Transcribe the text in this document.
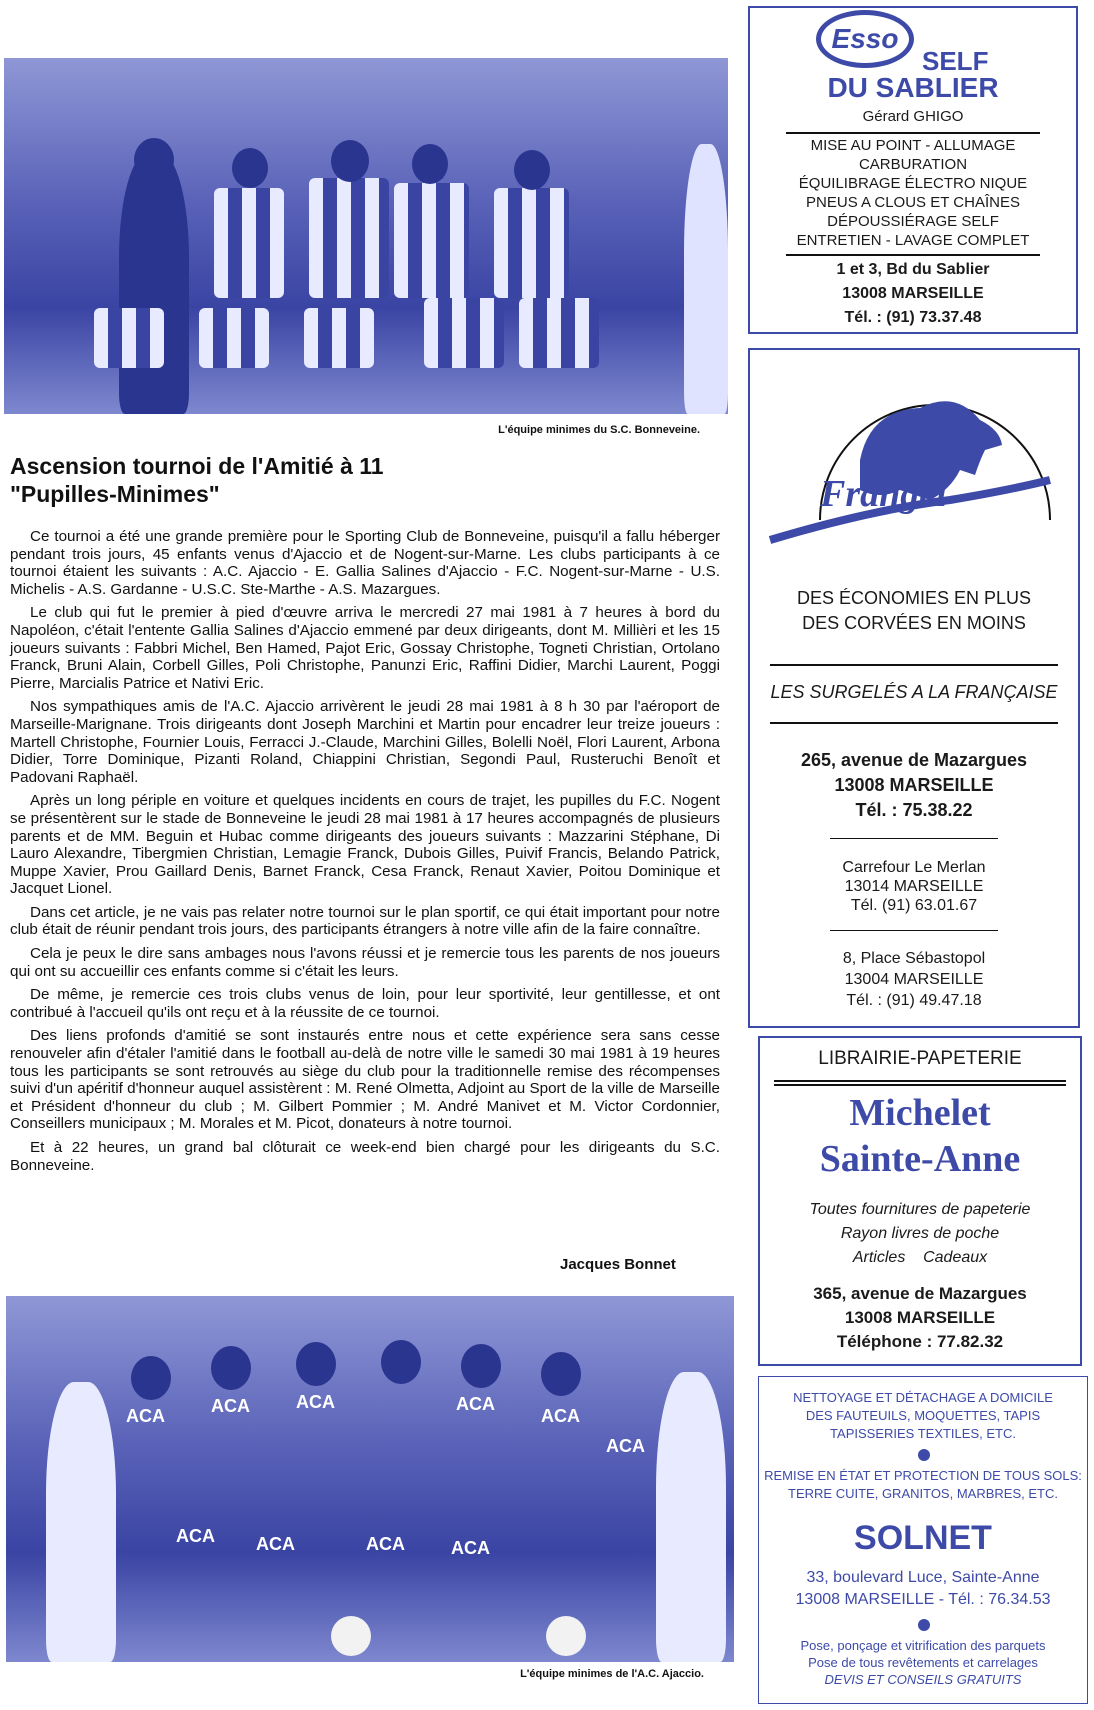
L'équipe minimes du S.C. Bonneveine.
Ascension tournoi de l'Amitié à 11
"Pupilles-Minimes"

Ce tournoi a été une grande première pour le Sporting Club de Bonneveine, puisqu'il a fallu héberger pendant trois jours, 45 enfants venus d'Ajaccio et de Nogent-sur-Marne. Les clubs participants à ce tournoi étaient les suivants : A.C. Ajaccio - E. Gallia Salines d'Ajaccio - F.C. Nogent-sur-Marne - U.S. Michelis - A.S. Gardanne - U.S.C. Ste-Marthe - A.S. Mazargues.

Le club qui fut le premier à pied d'œuvre arriva le mercredi 27 mai 1981 à 7 heures à bord du Napoléon, c'était l'entente Gallia Salines d'Ajaccio emmené par deux dirigeants, dont M. Millièri et les 15 joueurs suivants : Fabbri Michel, Ben Hamed, Pajot Eric, Gossay Christophe, Togneti Christian, Ortolano Franck, Bruni Alain, Corbell Gilles, Poli Christophe, Panunzi Eric, Raffini Didier, Marchi Laurent, Poggi Pierre, Marcialis Patrice et Nativi Eric.

Nos sympathiques amis de l'A.C. Ajaccio arrivèrent le jeudi 28 mai 1981 à 8 h 30 par l'aéroport de Marseille-Marignane. Trois dirigeants dont Joseph Marchini et Martin pour encadrer leur treize joueurs : Martell Christophe, Fournier Louis, Ferracci J.-Claude, Marchini Gilles, Bolelli Noël, Flori Laurent, Arbona Didier, Torre Dominique, Pizanti Roland, Chiappini Christian, Segondi Paul, Rusteruchi Benoît et Padovani Raphaël.

Après un long périple en voiture et quelques incidents en cours de trajet, les pupilles du F.C. Nogent se présentèrent sur le stade de Bonneveine le jeudi 28 mai 1981 à 17 heures accompagnés de plusieurs parents et de MM. Beguin et Hubac comme dirigeants des joueurs suivants : Mazzarini Stéphane, Di Lauro Alexandre, Tibergmien Christian, Lemagie Franck, Dubois Gilles, Puivif Francis, Belando Patrick, Muppe Xavier, Prou Gaillard Denis, Barnet Franck, Cesa Franck, Renaut Xavier, Poitou Dominique et Jacquet Lionel.

Dans cet article, je ne vais pas relater notre tournoi sur le plan sportif, ce qui était important pour notre club était de réunir pendant trois jours, des participants étrangers à notre ville afin de la faire connaître.

Cela je peux le dire sans ambages nous l'avons réussi et je remercie tous les parents de nos joueurs qui ont su accueillir ces enfants comme si c'était les leurs.

De même, je remercie ces trois clubs venus de loin, pour leur sportivité, leur gentillesse, et ont contribué à l'accueil qu'ils ont reçu et à la réussite de ce tournoi.

Des liens profonds d'amitié se sont instaurés entre nous et cette expérience sera sans cesse renouveler afin d'étaler l'amitié dans le football au-delà de notre ville le samedi 30 mai 1981 à 19 heures tous les participants se sont retrouvés au siège du club pour la traditionnelle remise des récompenses suivi d'un apéritif d'honneur auquel assistèrent : M. René Olmetta, Adjoint au Sport de la ville de Marseille et Président d'honneur du club ; M. Gilbert Pommier ; M. André Manivet et M. Victor Cordonnier, Conseillers municipaux ; M. Morales et M. Picot, donateurs à notre tournoi.

Et à 22 heures, un grand bal clôturait ce week-end bien chargé pour les dirigeants du S.C. Bonneveine.

Jacques Bonnet
ACA	ACA	ACA	ACA
ACA
ACA
ACA ACA	ACA	ACA
L'équipe minimes de l'A.C. Ajaccio.
Esso
SELF
DU SABLIER
Gérard GHIGO
MISE AU POINT - ALLUMAGE
CARBURATION
ÉQUILIBRAGE ÉLECTRO NIQUE
PNEUS A CLOUS ET CHAÎNES
DÉPOUSSIÉRAGE SELF
ENTRETIEN - LAVAGE COMPLET
1 et 3, Bd du Sablier
13008 MARSEILLE
Tél. : (91) 73.37.48
Frangel
DES ÉCONOMIES EN PLUS
DES CORVÉES EN MOINS
LES SURGELÉS A LA FRANÇAISE
265, avenue de Mazargues
13008 MARSEILLE
Tél. : 75.38.22
Carrefour Le Merlan
13014 MARSEILLE
Tél. (91) 63.01.67
8, Place Sébastopol
13004 MARSEILLE
Tél. : (91) 49.47.18
LIBRAIRIE-PAPETERIE
Michelet
Sainte-Anne
Toutes fournitures de papeterie
Rayon livres de poche
Articles    Cadeaux
365, avenue de Mazargues
13008 MARSEILLE
Téléphone : 77.82.32
NETTOYAGE ET DÉTACHAGE A DOMICILE
DES FAUTEUILS, MOQUETTES, TAPIS
TAPISSERIES TEXTILES, ETC.
REMISE EN ÉTAT ET PROTECTION DE TOUS SOLS:
TERRE CUITE, GRANITOS, MARBRES, ETC.
SOLNET
33, boulevard Luce, Sainte-Anne
13008 MARSEILLE - Tél. : 76.34.53
Pose, ponçage et vitrification des parquets
Pose de tous revêtements et carrelages
DEVIS ET CONSEILS GRATUITS
